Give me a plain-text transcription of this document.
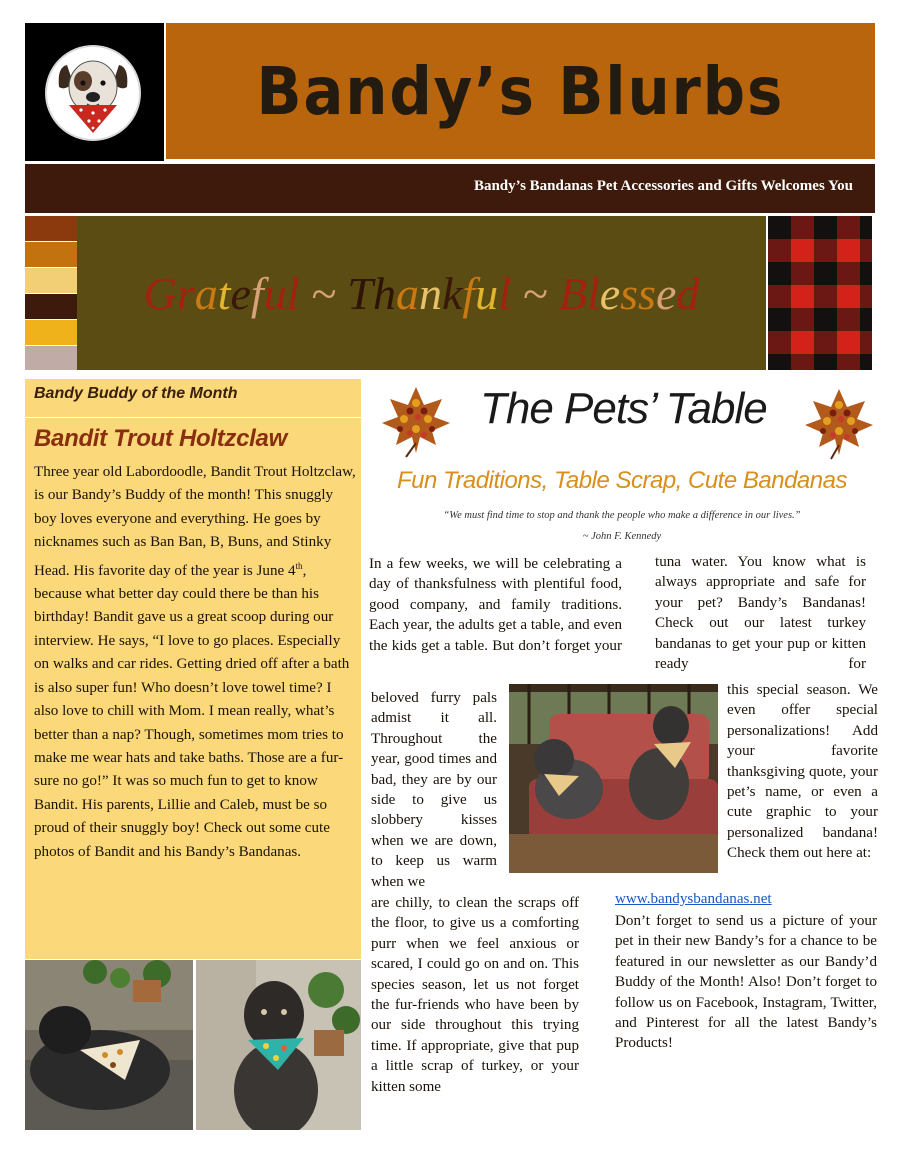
Bandy’s Blurbs
Bandy’s Bandanas Pet Accessories and Gifts Welcomes You
Grateful ~ Thankful ~ Blessed
Bandy Buddy of the Month
Bandit Trout Holtzclaw
Three year old Labordoodle, Bandit Trout Holtzclaw, is our Bandy’s Buddy of the month! This snuggly boy loves everyone and everything. He goes by nicknames such as Ban Ban, B, Buns, and Stinky Head. His favorite day of the year is June 4th, because what better day could there be than his birthday! Bandit gave us a great scoop during our interview. He says, “I love to go places. Especially on walks and car rides. Getting dried off after a bath is also super fun! Who doesn’t love towel time? I also love to chill with Mom. I mean really, what’s better than a nap? Though, sometimes mom tries to make me wear hats and take baths. Those are a fur-sure no go!” It was so much fun to get to know Bandit. His parents, Lillie and Caleb, must be so proud of their snuggly boy! Check out some cute photos of Bandit and his Bandy’s Bandanas.
The Pets’ Table
Fun Traditions, Table Scrap, Cute Bandanas
“We must find time to stop and thank the people who make a difference in our lives.”
~ John F. Kennedy
In a few weeks, we will be celebrating a day of thanksfulness with plentiful food, good company, and family traditions. Each year, the adults get a table, and even the kids get a table. But don’t forget your
tuna water. You know what is always appropriate and safe for your pet? Bandy’s Bandanas! Check out our latest turkey bandanas to get your pup or kitten ready for
beloved furry pals admist it all. Throughout the year, good times and bad, they are by our side to give us slobbery kisses when we are down, to keep us warm when we
this special season. We even offer special personalizations! Add your favorite thanksgiving quote, your pet’s name, or even a cute graphic to your personalized bandana! Check them out here at:
are chilly, to clean the scraps off the floor, to give us a comforting purr when we feel anxious or scared, I could go on and on. This species season, let us not forget the fur-friends who have been by our side throughout this trying time. If appropriate, give that pup a little scrap of turkey, or your kitten some
www.bandysbandanas.net
Don’t forget to send us a picture of your pet in their new Bandy’s for a chance to be featured in our newsletter as our Bandy’d Buddy of the Month! Also! Don’t forget to follow us on Facebook, Instagram, Twitter, and Pinterest for all the latest Bandy’s Products!
